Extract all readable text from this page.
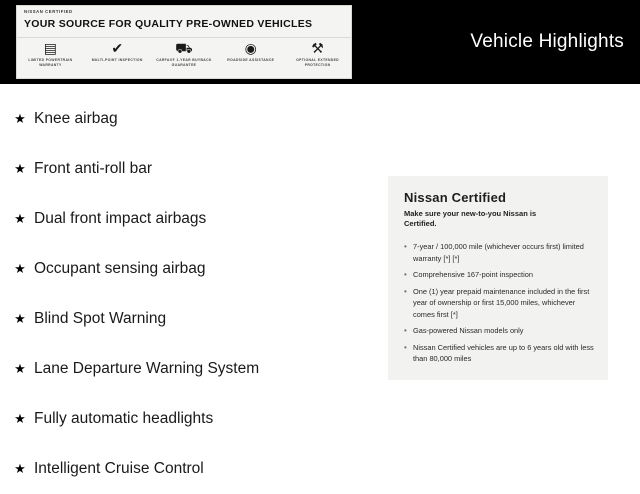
NISSAN CERTIFIED
YOUR SOURCE FOR QUALITY PRE-OWNED VEHICLES
▤
LIMITED POWERTRAIN WARRANTY
✔
MULTI-POINT INSPECTION
⛟
CARFAX® 1-YEAR BUYBACK GUARANTEE
◉
ROADSIDE ASSISTANCE
⚒
OPTIONAL EXTENDED PROTECTION
Vehicle Highlights
★ Knee airbag
★ Front anti-roll bar
★ Dual front impact airbags
★ Occupant sensing airbag
★ Blind Spot Warning
★ Lane Departure Warning System
★ Fully automatic headlights
★ Intelligent Cruise Control
Nissan Certified
Make sure your new-to-you Nissan is Certified.
• 7-year / 100,000 mile (whichever occurs first) limited warranty [*] [*]
• Comprehensive 167-point inspection
• One (1) year prepaid maintenance included in the first year of ownership or first 15,000 miles, whichever comes first [*]
• Gas-powered Nissan models only
• Nissan Certified vehicles are up to 6 years old with less than 80,000 miles
